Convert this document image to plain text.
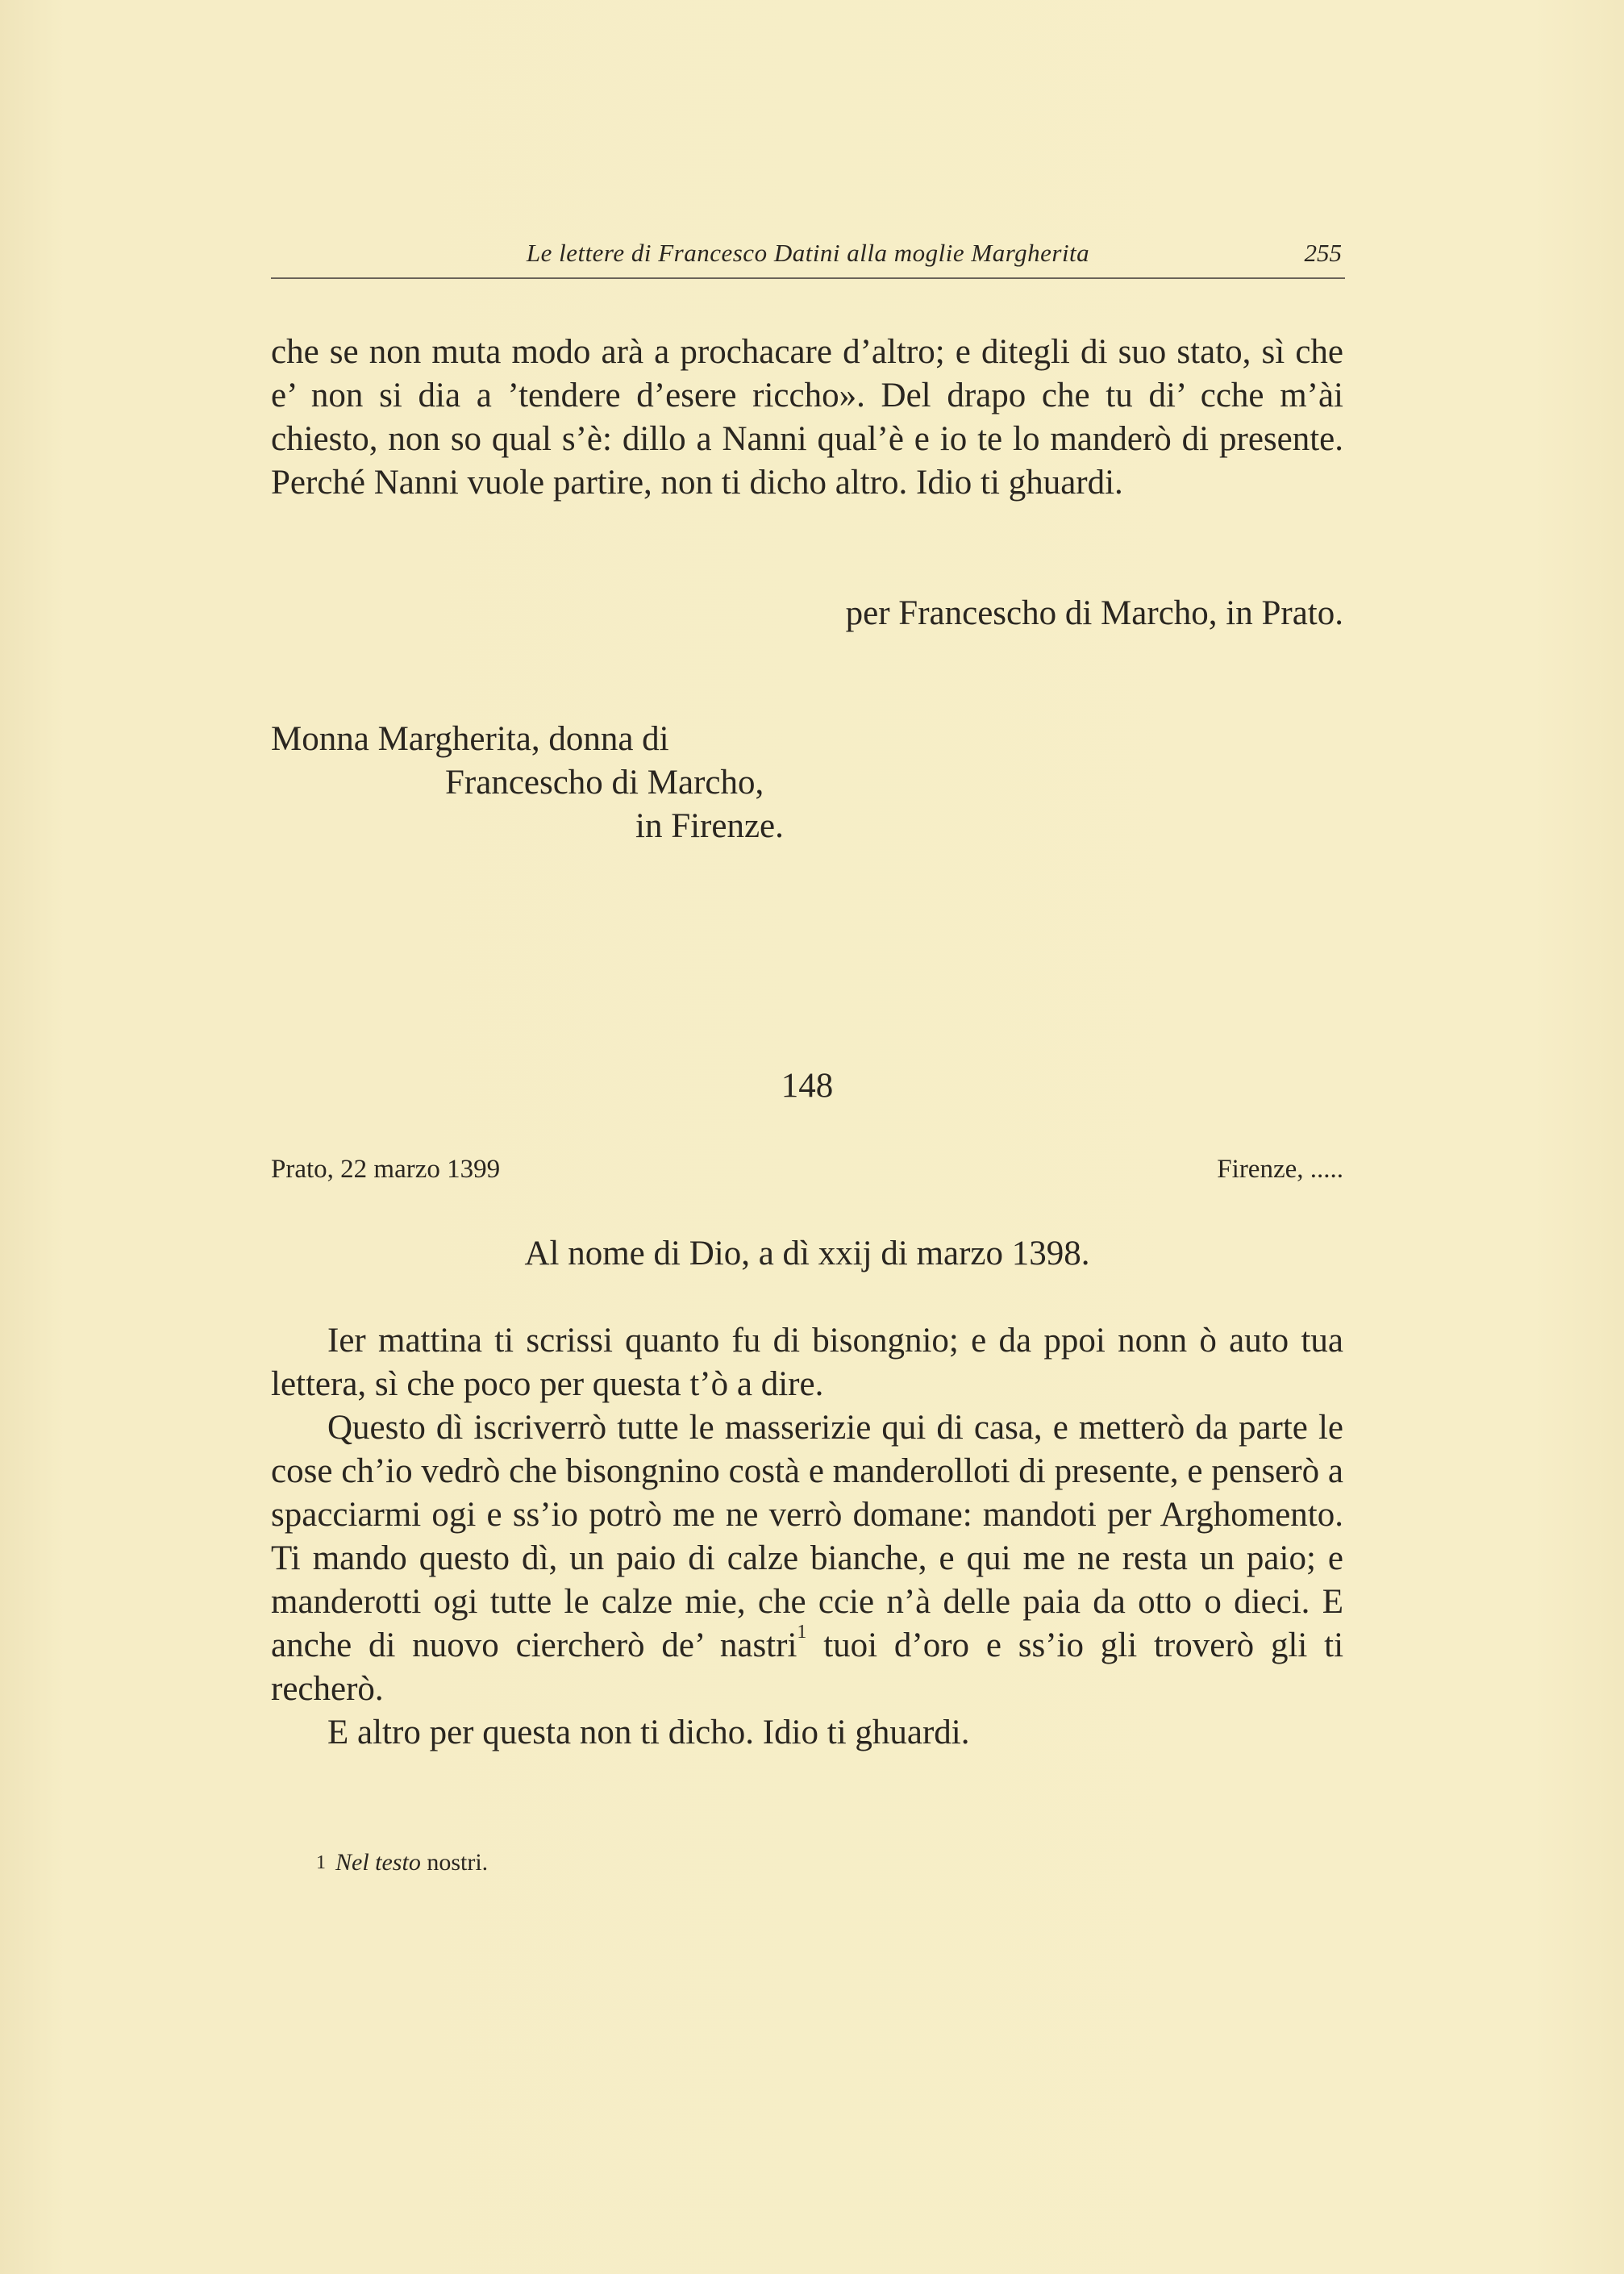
Le lettere di Francesco Datini alla moglie Margherita	255

che se non muta modo arà a prochacare d’altro; e ditegli di suo stato, sì che e’ non si dia a ’tendere d’esere ricchо». Del drapo che tu di’ cche m’ài chiesto, non so qual s’è: dillo a Nanni qual’è e io te lo manderò di presente. Perché Nanni vuole partire, non ti dicho altro. Idio ti ghuardi.

per Francescho di Marcho, in Prato.
Monna Margherita, donna di
Francescho di Marcho,
in Firenze.
148
Prato, 22 marzo 1399	Firenze, .....
Al nome di Dio, a dì xxij di marzo 1398.

Ier mattina ti scrissi quanto fu di bisongnio; e da ppoi nonn ò auto tua lettera, sì che poco per questa t’ò a dire.

Questo dì iscriverrò tutte le masserizie qui di casa, e metterò da parte le cose ch’io vedrò che bisongnino costà e manderolloti di presente, e penserò a spacciarmi ogi e ss’io potrò me ne verrò domane: mandoti per Arghomento. Ti mando questo dì, un paio di calze bianche, e qui me ne resta un paio; e manderotti ogi tutte le calze mie, che ccie n’à delle paia da otto o dieci. E anche di nuovo ciercherò de’ nastri$^1$ tuoi d’oro e ss’io gli troverò gli ti recherò.

E altro per questa non ti dicho. Idio ti ghuardi.

$^1$ Nel testo nostri.
